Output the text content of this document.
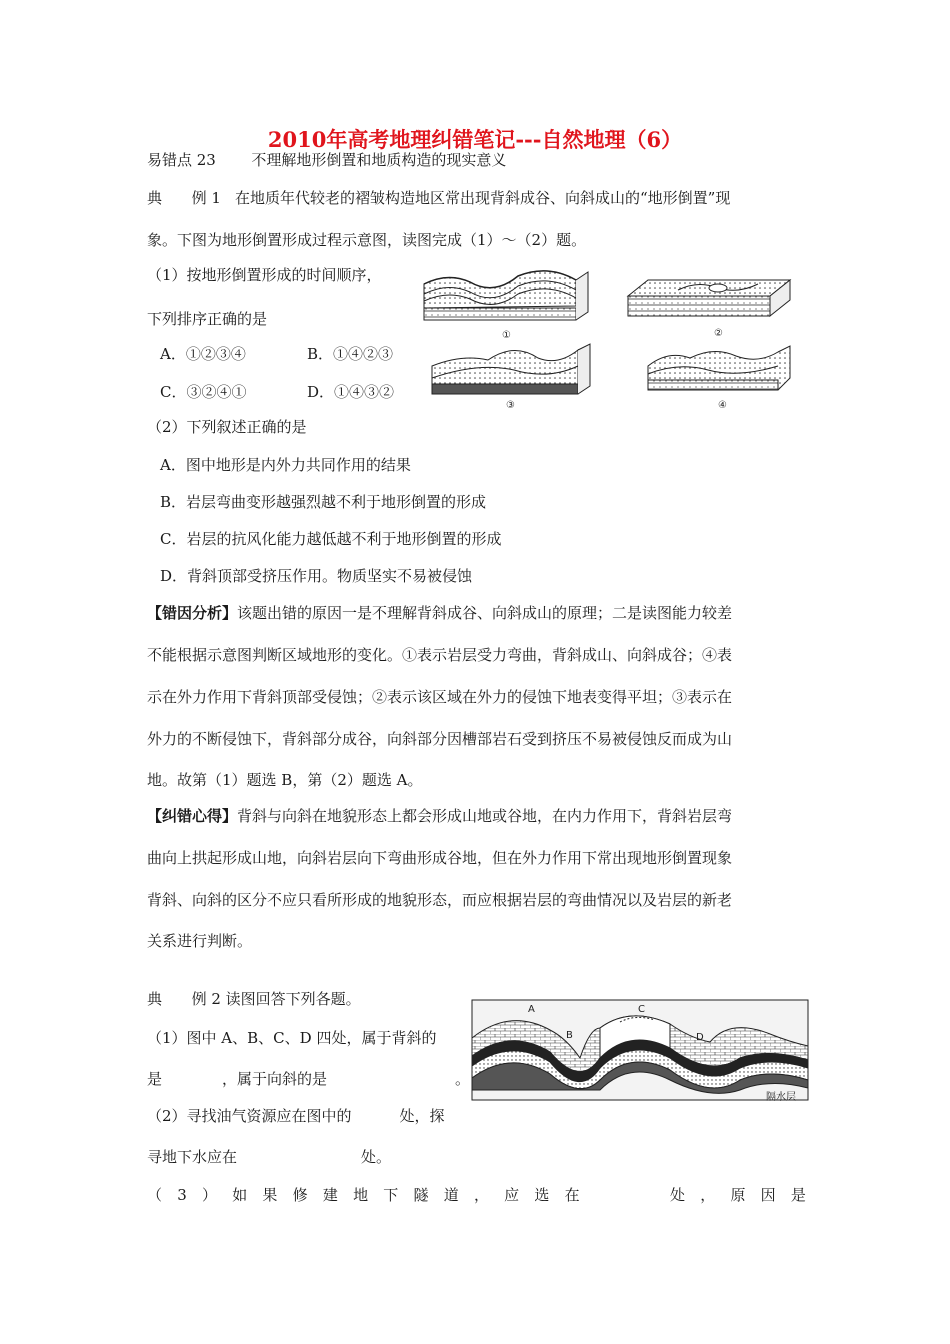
2010年高考地理纠错笔记---自然地理（6）
易错点 23 不理解地形倒置和地质构造的现实意义
典 例 1 在地质年代较老的褶皱构造地区常出现背斜成谷、向斜成山的“地形倒置”现
象。下图为地形倒置形成过程示意图，读图完成（1）～（2）题。
（1）按地形倒置形成的时间顺序，
下列排序正确的是
A．①②③④	B．①④②③
C．③②④①	D．①④③②
①	②
③	④
（2）下列叙述正确的是
A．图中地形是内外力共同作用的结果
B．岩层弯曲变形越强烈越不利于地形倒置的形成
C．岩层的抗风化能力越低越不利于地形倒置的形成
D．背斜顶部受挤压作用。物质坚实不易被侵蚀
【错因分析】该题出错的原因一是不理解背斜成谷、向斜成山的原理；二是读图能力较差
不能根据示意图判断区域地形的变化。①表示岩层受力弯曲，背斜成山、向斜成谷；④表
示在外力作用下背斜顶部受侵蚀；②表示该区域在外力的侵蚀下地表变得平坦；③表示在
外力的不断侵蚀下，背斜部分成谷，向斜部分因槽部岩石受到挤压不易被侵蚀反而成为山
地。故第（1）题选 B，第（2）题选 A。
【纠错心得】背斜与向斜在地貌形态上都会形成山地或谷地，在内力作用下，背斜岩层弯
曲向上拱起形成山地，向斜岩层向下弯曲形成谷地，但在外力作用下常出现地形倒置现象
背斜、向斜的区分不应只看所形成的地貌形态，而应根据岩层的弯曲情况以及岩层的新老
关系进行判断。
典 例 2 读图回答下列各题。
（1）图中 A、B、C、D 四处，属于背斜的
是	，属于向斜的是	。
（2）寻找油气资源应在图中的	处，探
寻地下水应在	处。
（ 3 ） 如 果 修 建 地 下 隧 道 ， 应 选 在	处 ， 原 因 是
A
B
C
D
隔水层
